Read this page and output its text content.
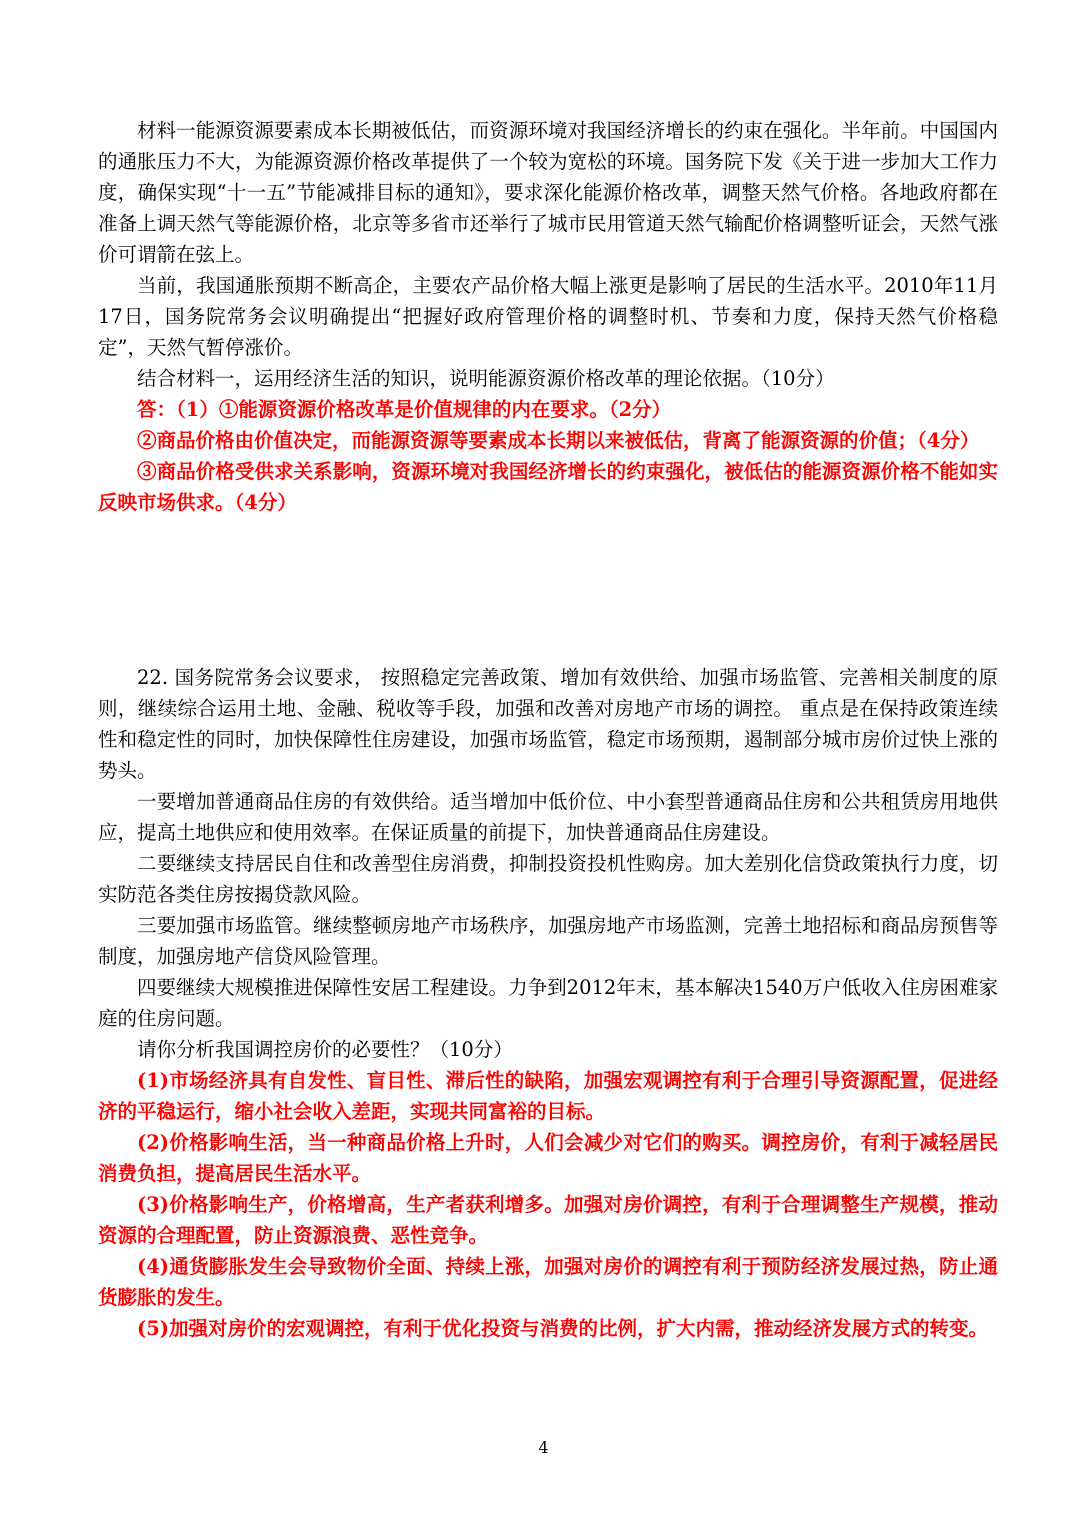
材料一能源资源要素成本长期被低估，而资源环境对我国经济增长的约束在强化。半年前。中国国内的通胀压力不大，为能源资源价格改革提供了一个较为宽松的环境。国务院下发《关于进一步加大工作力度，确保实现“十一五”节能减排目标的通知》，要求深化能源价格改革，调整天然气价格。各地政府都在准备上调天然气等能源价格，北京等多省市还举行了城市民用管道天然气输配价格调整听证会，天然气涨价可谓箭在弦上。

当前，我国通胀预期不断高企，主要农产品价格大幅上涨更是影响了居民的生活水平。2010年11月17日，国务院常务会议明确提出“把握好政府管理价格的调整时机、节奏和力度，保持天然气价格稳定”，天然气暂停涨价。

结合材料一，运用经济生活的知识，说明能源资源价格改革的理论依据。（10分）

答：（1）①能源资源价格改革是价值规律的内在要求。（2分）

②商品价格由价值决定，而能源资源等要素成本长期以来被低估，背离了能源资源的价值；（4分）

③商品价格受供求关系影响，资源环境对我国经济增长的约束强化，被低估的能源资源价格不能如实反映市场供求。（4分）

22. 国务院常务会议要求， 按照稳定完善政策、增加有效供给、加强市场监管、完善相关制度的原则，继续综合运用土地、金融、税收等手段，加强和改善对房地产市场的调控。 重点是在保持政策连续性和稳定性的同时，加快保障性住房建设，加强市场监管，稳定市场预期，遏制部分城市房价过快上涨的势头。

一要增加普通商品住房的有效供给。适当增加中低价位、中小套型普通商品住房和公共租赁房用地供应，提高土地供应和使用效率。在保证质量的前提下，加快普通商品住房建设。

二要继续支持居民自住和改善型住房消费，抑制投资投机性购房。加大差别化信贷政策执行力度，切实防范各类住房按揭贷款风险。

三要加强市场监管。继续整顿房地产市场秩序，加强房地产市场监测，完善土地招标和商品房预售等制度，加强房地产信贷风险管理。

四要继续大规模推进保障性安居工程建设。力争到2012年末，基本解决1540万户低收入住房困难家庭的住房问题。

请你分析我国调控房价的必要性？（10分）

(1)市场经济具有自发性、盲目性、滞后性的缺陷，加强宏观调控有利于合理引导资源配置，促进经济的平稳运行，缩小社会收入差距，实现共同富裕的目标。

(2)价格影响生活，当一种商品价格上升时，人们会减少对它们的购买。调控房价，有利于减轻居民消费负担，提高居民生活水平。

(3)价格影响生产，价格增高，生产者获利增多。加强对房价调控，有利于合理调整生产规模，推动资源的合理配置，防止资源浪费、恶性竞争。

(4)通货膨胀发生会导致物价全面、持续上涨，加强对房价的调控有利于预防经济发展过热，防止通货膨胀的发生。

(5)加强对房价的宏观调控，有利于优化投资与消费的比例，扩大内需，推动经济发展方式的转变。

4
